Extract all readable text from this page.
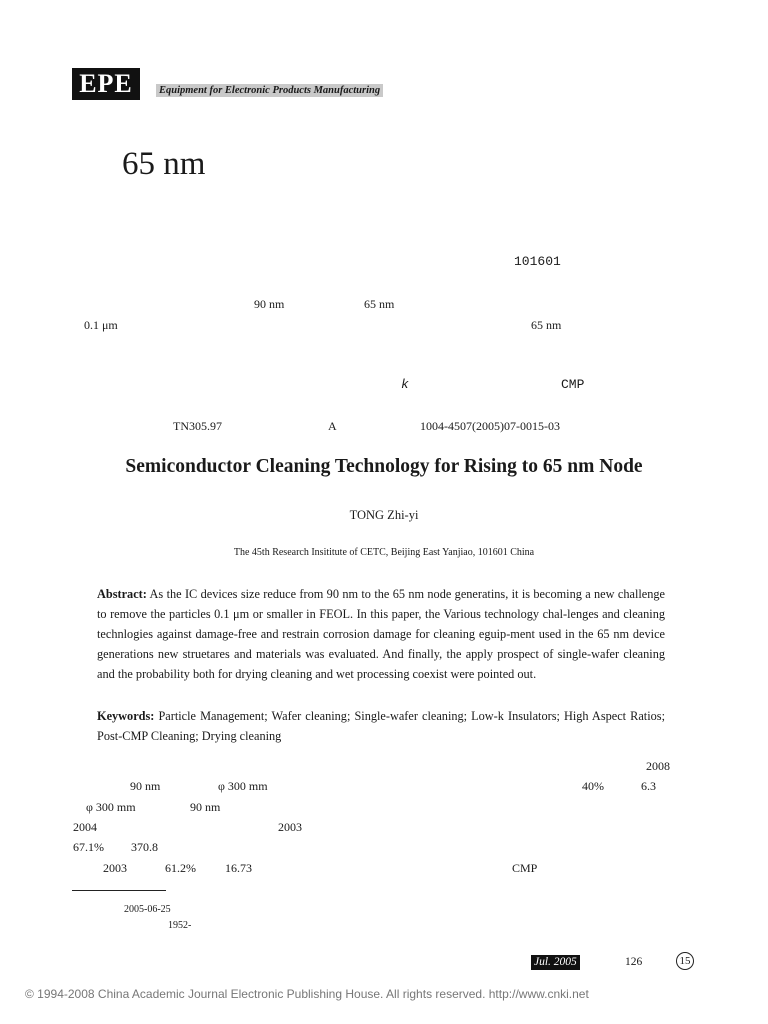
EPE	Equipment for Electronic Products Manufacturing
65 nm
101601
90 nm	65 nm
0.1 μm	65 nm
k	CMP
TN305.97	A	1004-4507(2005)07-0015-03
Semiconductor Cleaning Technology for Rising to 65 nm Node
TONG Zhi-yi
The 45th Research Insititute of CETC, Beijing East Yanjiao, 101601 China
Abstract: As the IC devices size reduce from 90 nm to the 65 nm node generatins, it is becoming a new challenge to remove the particles 0.1 μm or smaller in FEOL. In this paper, the Various technology chal-lenges and cleaning technlogies against damage-free and restrain corrosion damage for cleaning eguip-ment used in the 65 nm device generations new struetares and materials was evaluated. And finally, the apply prospect of single-wafer cleaning and the probability both for drying cleaning and wet processing coexist were pointed out.
Keywords: Particle Management; Wafer cleaning; Single-wafer cleaning; Low-k Insulators; High Aspect Ratios; Post-CMP Cleaning; Drying cleaning
2008
90 nm	φ 300 mm	40%	6.3
φ 300 mm	90 nm
2004	2003
67.1% 370.8
2003	61.2% 16.73	CMP
2005-06-25
1952-
Jul. 2005	126	15
© 1994-2008 China Academic Journal Electronic Publishing House. All rights reserved. http://www.cnki.net
